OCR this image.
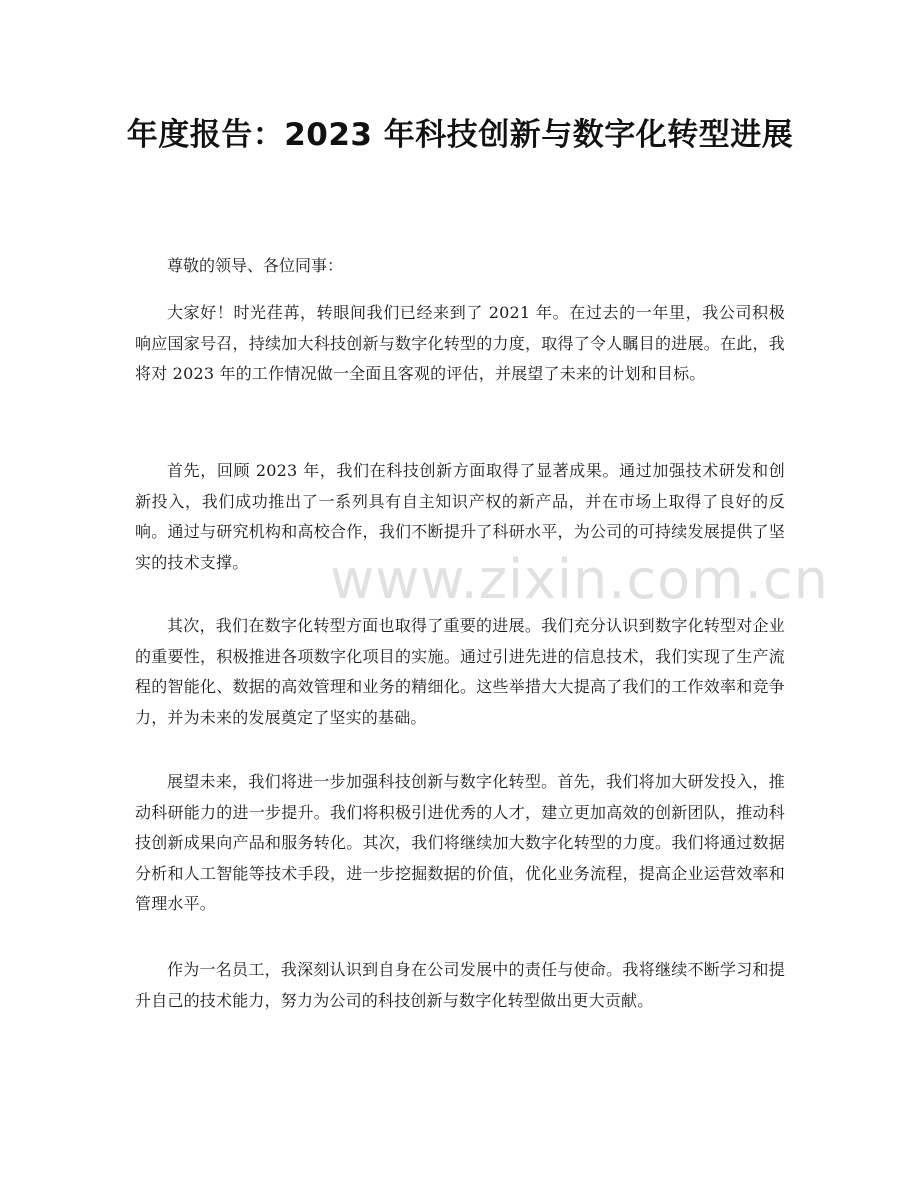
年度报告：2023 年科技创新与数字化转型进展

尊敬的领导、各位同事：

大家好！时光荏苒，转眼间我们已经来到了 2021 年。在过去的一年里，我公司积极响应国家号召，持续加大科技创新与数字化转型的力度，取得了令人瞩目的进展。在此，我将对 2023 年的工作情况做一全面且客观的评估，并展望了未来的计划和目标。

首先，回顾 2023 年，我们在科技创新方面取得了显著成果。通过加强技术研发和创新投入，我们成功推出了一系列具有自主知识产权的新产品，并在市场上取得了良好的反响。通过与研究机构和高校合作，我们不断提升了科研水平，为公司的可持续发展提供了坚实的技术支撑。

其次，我们在数字化转型方面也取得了重要的进展。我们充分认识到数字化转型对企业的重要性，积极推进各项数字化项目的实施。通过引进先进的信息技术，我们实现了生产流程的智能化、数据的高效管理和业务的精细化。这些举措大大提高了我们的工作效率和竞争力，并为未来的发展奠定了坚实的基础。

展望未来，我们将进一步加强科技创新与数字化转型。首先，我们将加大研发投入，推动科研能力的进一步提升。我们将积极引进优秀的人才，建立更加高效的创新团队，推动科技创新成果向产品和服务转化。其次，我们将继续加大数字化转型的力度。我们将通过数据分析和人工智能等技术手段，进一步挖掘数据的价值，优化业务流程，提高企业运营效率和管理水平。

作为一名员工，我深刻认识到自身在公司发展中的责任与使命。我将继续不断学习和提升自己的技术能力，努力为公司的科技创新与数字化转型做出更大贡献。

www.zixin.com.cn
